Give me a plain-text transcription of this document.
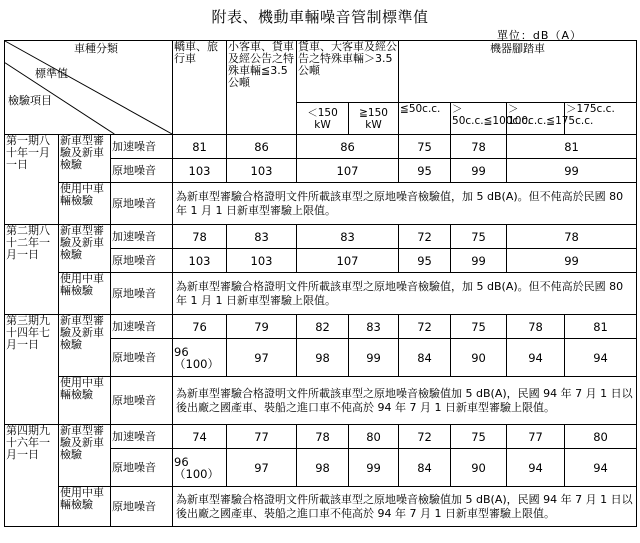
附表、機動車輛噪音管制標準值
單位：dB（A）
車種分類
標準值
檢驗項目			轎車、旅行車	小客車、貨車及經公告之特殊車輛≦3.5 公噸	貨車、大客車及經公告之特殊車輛＞3.5 公噸		機器腳踏車			
					＜150 kW	≧150 kW	≦50c.c.	＞50c.c.≦100c.c.	＞100c.c.≦175c.c.	＞175c.c.
第一期八十年一月一日	新車型審驗及新車檢驗	加速噪音	81	86	86		75	78	81	
		原地噪音	103	103	107		95	99	99	
	使用中車輛檢驗	原地噪音	為新車型審驗合格證明文件所載該車型之原地噪音檢驗值，加 5 dB(A)。但不伅高於民國 80 年 1 月 1 日新車型審驗上限值。							
第二期八十二年一月一日	新車型審驗及新車檢驗	加速噪音	78	83	83		72	75	78	
		原地噪音	103	103	107		95	99	99	
	使用中車輛檢驗	原地噪音	為新車型審驗合格證明文件所載該車型之原地噪音檢驗值，加 5 dB(A)。但不伅高於民國 80 年 1 月 1 日新車型審驗上限值。							
第三期九十四年七月一日	新車型審驗及新車檢驗	加速噪音	76	79	82	83	72	75	78	81
		原地噪音	96（100）	97	98	99	84	90	94	94
	使用中車輛檢驗	原地噪音	為新車型審驗合格證明文件所載該車型之原地噪音檢驗值加 5 dB(A)，民國 94 年 7 月 1 日以後出廠之國產車、裝船之進口車不伅高於 94 年 7 月 1 日新車型審驗上限值。							
第四期九十六年一月一日	新車型審驗及新車檢驗	加速噪音	74	77	78	80	72	75	77	80
		原地噪音	96（100）	97	98	99	84	90	94	94
	使用中車輛檢驗	原地噪音	為新車型審驗合格證明文件所載該車型之原地噪音檢驗值加 5 dB(A)，民國 94 年 7 月 1 日以後出廠之國產車、裝船之進口車不伅高於 94 年 7 月 1 日新車型審驗上限值。							
